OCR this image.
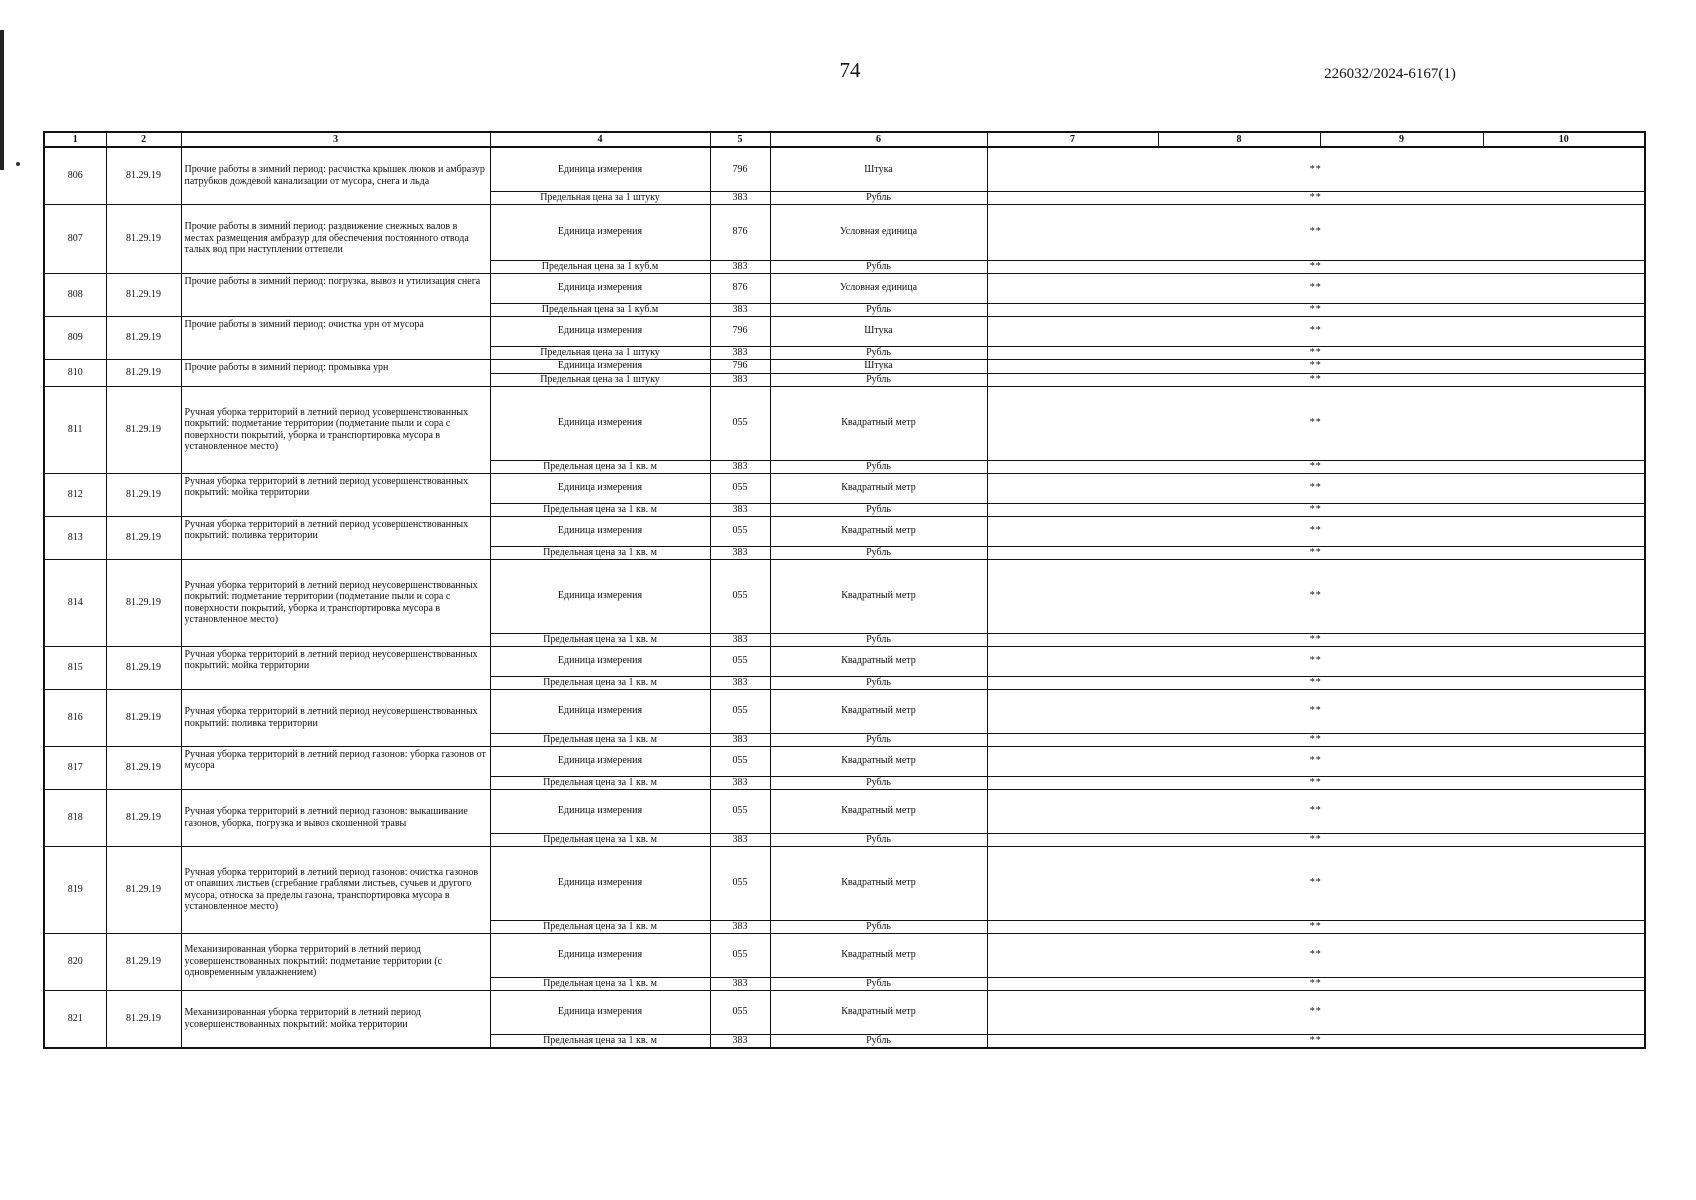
74	226032/2024-6167(1)
1	2	3	4	5	6	7	8	9	10
806	81.29.19	Прочие работы в зимний период: расчистка крышек люков и амбразур патрубков дождевой канализации от мусора, снега и льда	Единица измерения	796	Штука	**			
			Предельная цена за 1 штуку	383	Рубль	**			
807	81.29.19	Прочие работы в зимний период: раздвижение снежных валов в местах размещения амбразур для обеспечения постоянного отвода талых вод при наступлении оттепели	Единица измерения	876	Условная единица	**			
			Предельная цена за 1 куб.м	383	Рубль	**			
808	81.29.19	Прочие работы в зимний период: погрузка, вывоз и утилизация снега	Единица измерения	876	Условная единица	**			
			Предельная цена за 1 куб.м	383	Рубль	**			
809	81.29.19	Прочие работы в зимний период: очистка урн от мусора	Единица измерения	796	Штука	**			
			Предельная цена за 1 штуку	383	Рубль	**			
810	81.29.19	Прочие работы в зимний период: промывка урн	Единица измерения	796	Штука	**			
			Предельная цена за 1 штуку	383	Рубль	**			
811	81.29.19	Ручная уборка территорий в летний период усовершенствованных покрытий: подметание территории (подметание пыли и сора с поверхности покрытий, уборка и транспортировка мусора в установленное место)	Единица измерения	055	Квадратный метр	**			
			Предельная цена за 1 кв. м	383	Рубль	**			
812	81.29.19	Ручная уборка территорий в летний период усовершенствованных покрытий: мойка территории	Единица измерения	055	Квадратный метр	**			
			Предельная цена за 1 кв. м	383	Рубль	**			
813	81.29.19	Ручная уборка территорий в летний период усовершенствованных покрытий: поливка территории	Единица измерения	055	Квадратный метр	**			
			Предельная цена за 1 кв. м	383	Рубль	**			
814	81.29.19	Ручная уборка территорий в летний период неусовершенствованных покрытий: подметание территории (подметание пыли и сора с поверхности покрытий, уборка и транспортировка мусора в установленное место)	Единица измерения	055	Квадратный метр	**			
			Предельная цена за 1 кв. м	383	Рубль	**			
815	81.29.19	Ручная уборка территорий в летний период неусовершенствованных покрытий: мойка территории	Единица измерения	055	Квадратный метр	**			
			Предельная цена за 1 кв. м	383	Рубль	**			
816	81.29.19	Ручная уборка территорий в летний период неусовершенствованных покрытий: поливка территории	Единица измерения	055	Квадратный метр	**			
			Предельная цена за 1 кв. м	383	Рубль	**			
817	81.29.19	Ручная уборка территорий в летний период газонов: уборка газонов от мусора	Единица измерения	055	Квадратный метр	**			
			Предельная цена за 1 кв. м	383	Рубль	**			
818	81.29.19	Ручная уборка территорий в летний период газонов: выкашивание газонов, уборка, погрузка и вывоз скошенной травы	Единица измерения	055	Квадратный метр	**			
			Предельная цена за 1 кв. м	383	Рубль	**			
819	81.29.19	Ручная уборка территорий в летний период газонов: очистка газонов от опавших листьев (сгребание граблями листьев, сучьев и другого мусора, относка за пределы газона, транспортировка мусора в установленное место)	Единица измерения	055	Квадратный метр	**			
			Предельная цена за 1 кв. м	383	Рубль	**			
820	81.29.19	Механизированная уборка территорий в летний период усовершенствованных покрытий: подметание территории (с одновременным увлажнением)	Единица измерения	055	Квадратный метр	**			
			Предельная цена за 1 кв. м	383	Рубль	**			
821	81.29.19	Механизированная уборка территорий в летний период усовершенствованных покрытий: мойка территории	Единица измерения	055	Квадратный метр	**			
			Предельная цена за 1 кв. м	383	Рубль	**			
